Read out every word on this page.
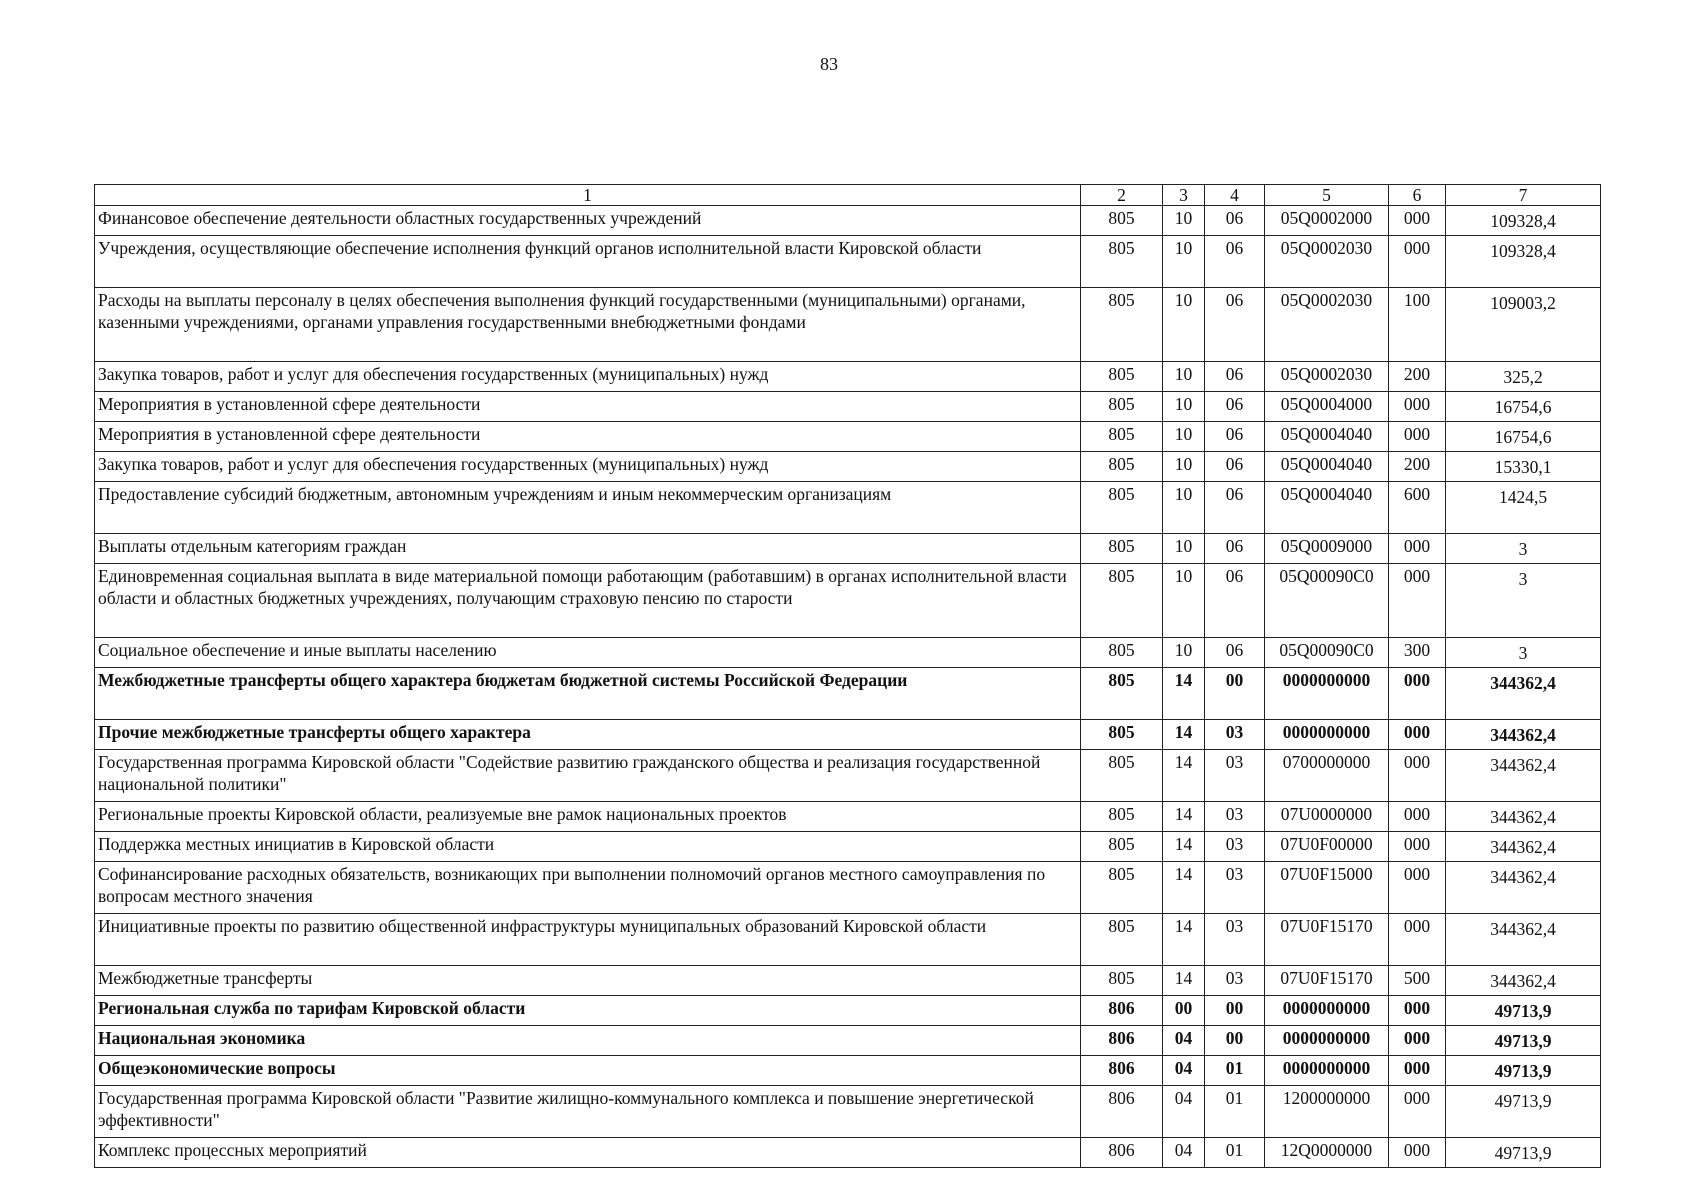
83
1	2	3	4	5	6	7
Финансовое обеспечение деятельности областных государственных учреждений	805	10	06	05Q0002000	000	109328,4
Учреждения, осуществляющие обеспечение исполнения функций органов исполнительной власти Кировской области	805	10	06	05Q0002030	000	109328,4
Расходы на выплаты персоналу в целях обеспечения выполнения функций государственными (муниципальными) органами, казенными учреждениями, органами управления государственными внебюджетными фондами	805	10	06	05Q0002030	100	109003,2
Закупка товаров, работ и услуг для обеспечения государственных (муниципальных) нужд	805	10	06	05Q0002030	200	325,2
Мероприятия в установленной сфере деятельности	805	10	06	05Q0004000	000	16754,6
Мероприятия в установленной сфере деятельности	805	10	06	05Q0004040	000	16754,6
Закупка товаров, работ и услуг для обеспечения государственных (муниципальных) нужд	805	10	06	05Q0004040	200	15330,1
Предоставление субсидий бюджетным, автономным учреждениям и иным некоммерческим организациям	805	10	06	05Q0004040	600	1424,5
Выплаты отдельным категориям граждан	805	10	06	05Q0009000	000	3
Единовременная социальная выплата в виде материальной помощи работающим (работавшим) в органах исполнительной власти области и областных бюджетных учреждениях, получающим страховую пенсию по старости	805	10	06	05Q00090C0	000	3
Социальное обеспечение и иные выплаты населению	805	10	06	05Q00090C0	300	3
Межбюджетные трансферты общего характера бюджетам бюджетной системы Российской Федерации	805	14	00	0000000000	000	344362,4
Прочие межбюджетные трансферты общего характера	805	14	03	0000000000	000	344362,4
Государственная программа Кировской области "Содействие развитию гражданского общества и реализация государственной национальной политики"	805	14	03	0700000000	000	344362,4
Региональные проекты Кировской области, реализуемые вне рамок национальных проектов	805	14	03	07U0000000	000	344362,4
Поддержка местных инициатив в Кировской области	805	14	03	07U0F00000	000	344362,4
Софинансирование расходных обязательств, возникающих при выполнении полномочий органов местного самоуправления по вопросам местного значения	805	14	03	07U0F15000	000	344362,4
Инициативные проекты по развитию общественной инфраструктуры муниципальных образований Кировской области	805	14	03	07U0F15170	000	344362,4
Межбюджетные трансферты	805	14	03	07U0F15170	500	344362,4
Региональная служба по тарифам Кировской области	806	00	00	0000000000	000	49713,9
Национальная экономика	806	04	00	0000000000	000	49713,9
Общеэкономические вопросы	806	04	01	0000000000	000	49713,9
Государственная программа Кировской области "Развитие жилищно-коммунального комплекса и повышение энергетической эффективности"	806	04	01	1200000000	000	49713,9
Комплекс процессных мероприятий	806	04	01	12Q0000000	000	49713,9
